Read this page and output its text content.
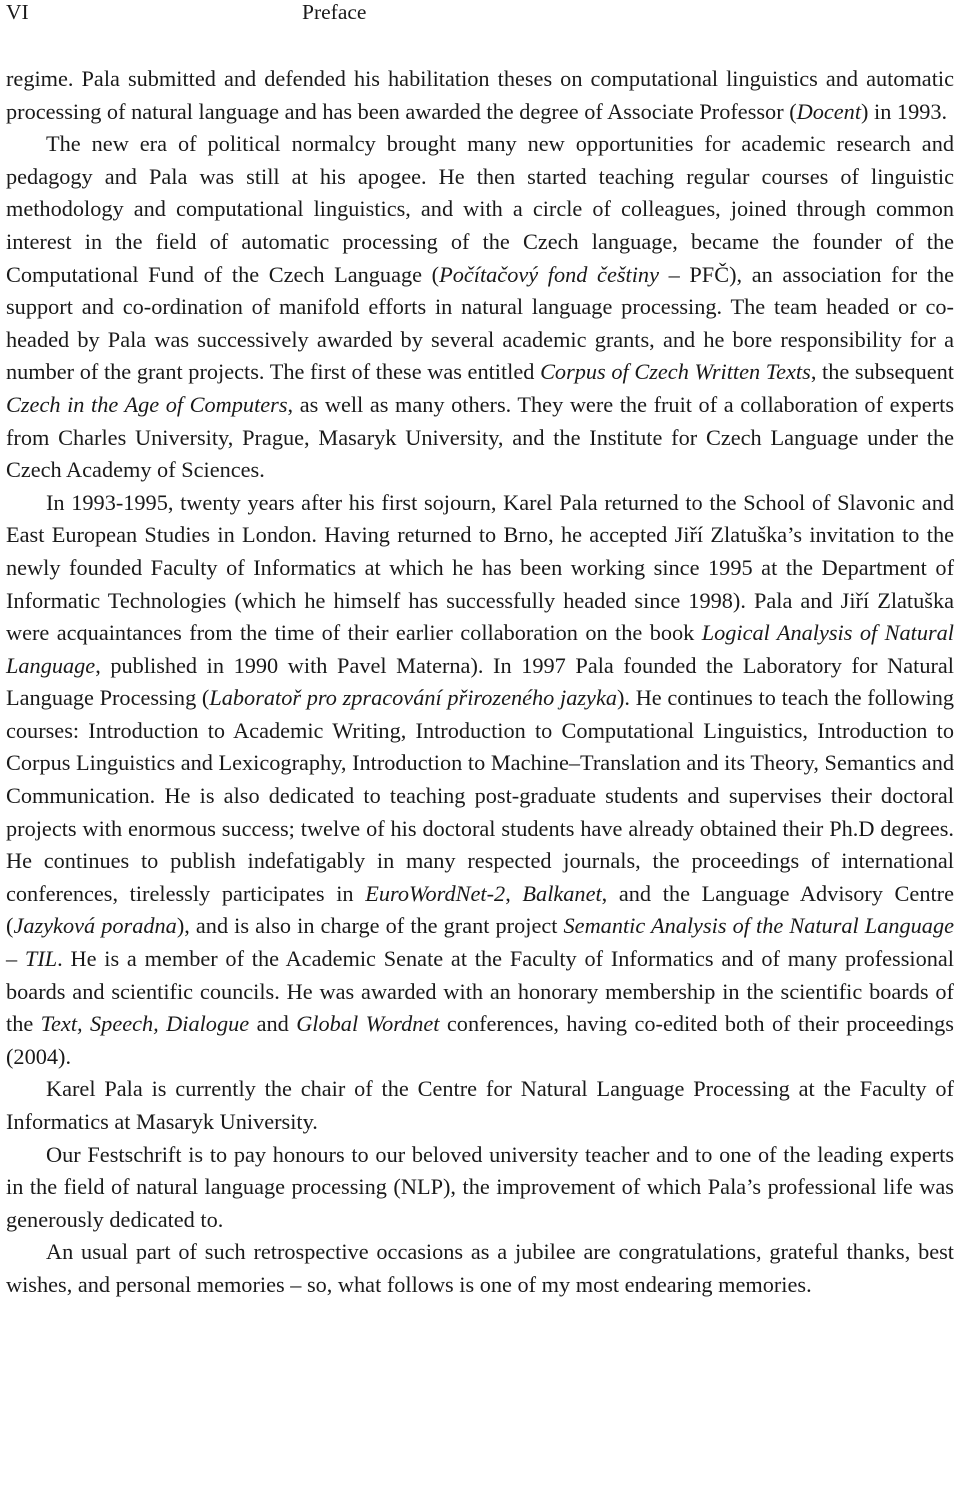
VI	Preface

regime. Pala submitted and defended his habilitation theses on computational linguistics and automatic processing of natural language and has been awarded the degree of Associate Professor (Docent) in 1993.

The new era of political normalcy brought many new opportunities for academic research and pedagogy and Pala was still at his apogee. He then started teaching regular courses of linguistic methodology and computational linguistics, and with a circle of colleagues, joined through common interest in the field of automatic processing of the Czech language, became the founder of the Computational Fund of the Czech Language (Počítačový fond češtiny – PFČ), an association for the support and co-ordination of manifold efforts in natural language processing. The team headed or co-headed by Pala was successively awarded by several academic grants, and he bore responsibility for a number of the grant projects. The first of these was entitled Corpus of Czech Written Texts, the subsequent Czech in the Age of Computers, as well as many others. They were the fruit of a collaboration of experts from Charles University, Prague, Masaryk University, and the Institute for Czech Language under the Czech Academy of Sciences.

In 1993-1995, twenty years after his first sojourn, Karel Pala returned to the School of Slavonic and East European Studies in London. Having returned to Brno, he accepted Jiří Zlatuška’s invitation to the newly founded Faculty of Informatics at which he has been working since 1995 at the Department of Informatic Technologies (which he himself has successfully headed since 1998). Pala and Jiří Zlatuška were acquaintances from the time of their earlier collaboration on the book Logical Analysis of Natural Language, published in 1990 with Pavel Materna). In 1997 Pala founded the Laboratory for Natural Language Processing (Laboratoř pro zpracování přirozeného jazyka). He continues to teach the following courses: Introduction to Academic Writing, Introduction to Computational Linguistics, Introduction to Corpus Linguistics and Lexicography, Introduction to Machine–Translation and its Theory, Semantics and Communication. He is also dedicated to teaching post-graduate students and supervises their doctoral projects with enormous success; twelve of his doctoral students have already obtained their Ph.D degrees. He continues to publish indefatigably in many respected journals, the proceedings of international conferences, tirelessly participates in EuroWordNet-2, Balkanet, and the Language Advisory Centre (Jazyková poradna), and is also in charge of the grant project Semantic Analysis of the Natural Language – TIL. He is a member of the Academic Senate at the Faculty of Informatics and of many professional boards and scientific councils. He was awarded with an honorary membership in the scientific boards of the Text, Speech, Dialogue and Global Wordnet conferences, having co-edited both of their proceedings (2004).

Karel Pala is currently the chair of the Centre for Natural Language Processing at the Faculty of Informatics at Masaryk University.

Our Festschrift is to pay honours to our beloved university teacher and to one of the leading experts in the field of natural language processing (NLP), the improvement of which Pala’s professional life was generously dedicated to.

An usual part of such retrospective occasions as a jubilee are congratulations, grateful thanks, best wishes, and personal memories – so, what follows is one of my most endearing memories.
